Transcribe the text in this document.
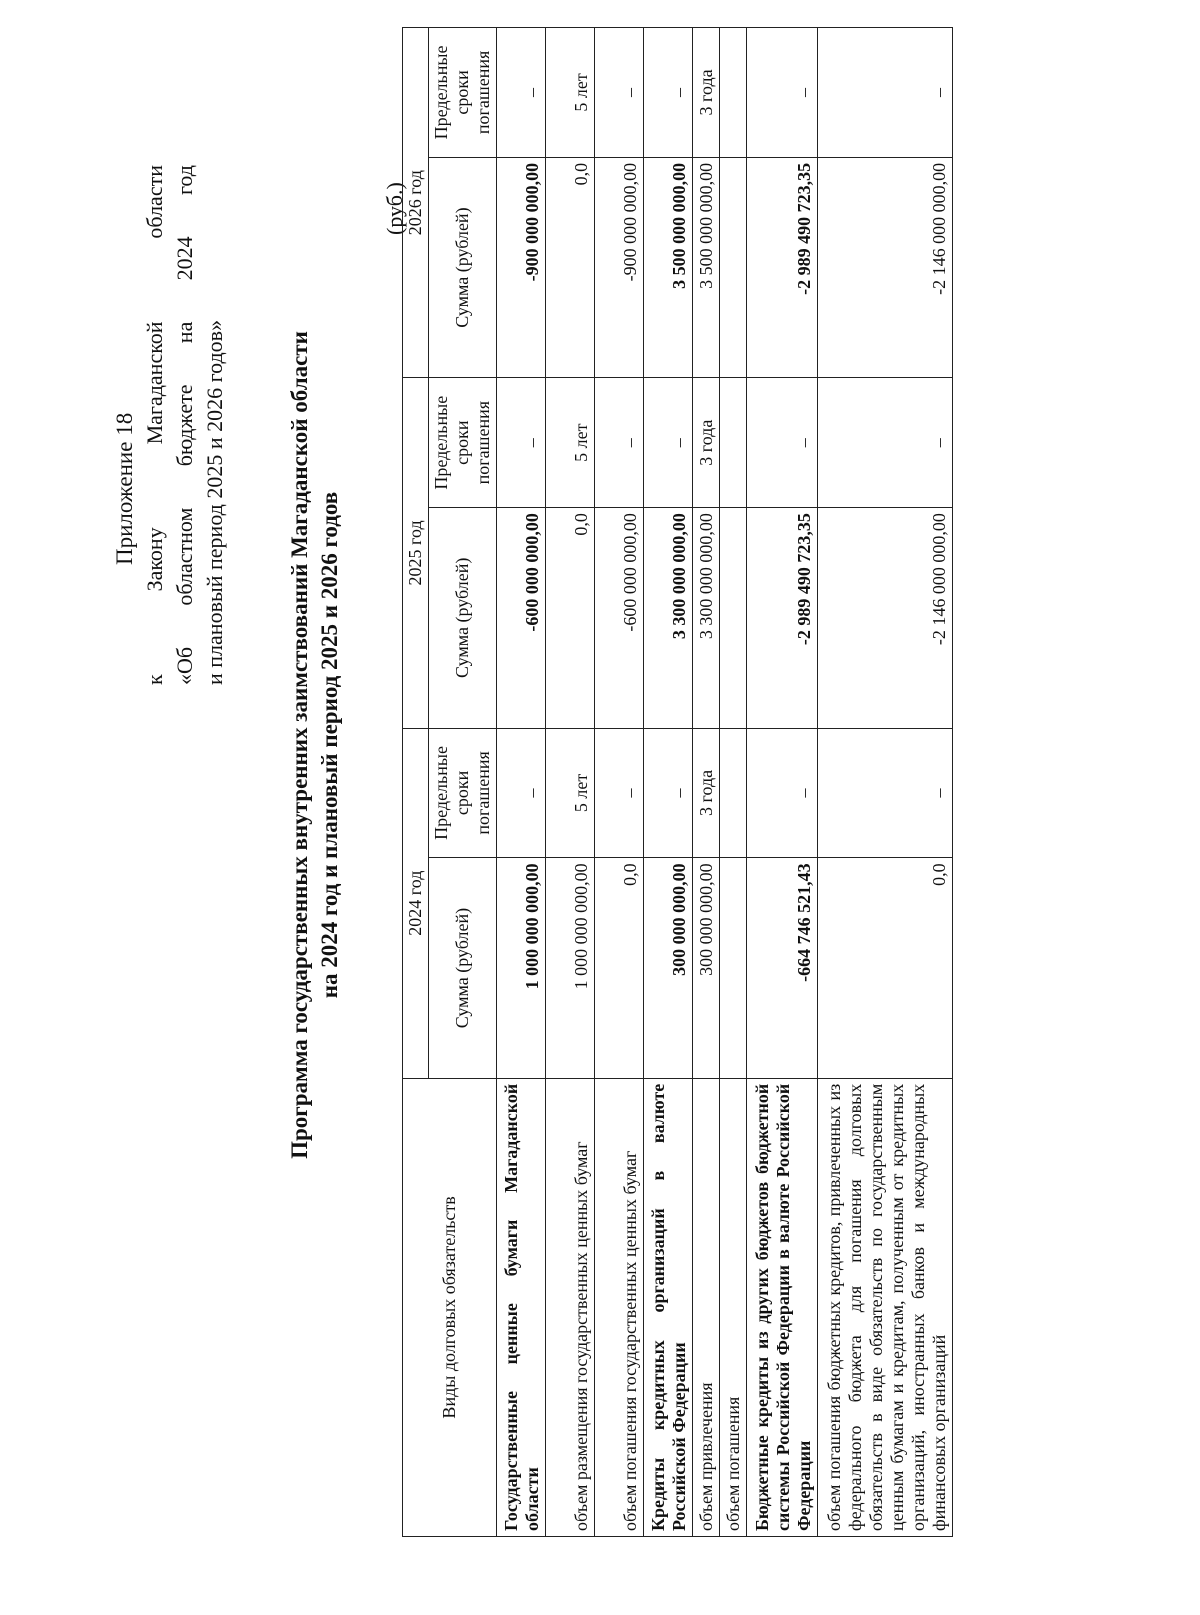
Приложение 18
к
Закону
Магаданской
области «Об областном бюджете на 2024 год и плановый период 2025 и 2026 годов»	Программа государственных внутренних заимствований Магаданской области на 2024 год и плановый период 2025 и 2026 годов
(руб.)
Виды долговых обязательств	2024 год		2025 год		2026 год	
	Сумма (рублей)	Предельные сроки погашения	Сумма (рублей)	Предельные сроки погашения	Сумма (рублей)	Предельные сроки погашения
Государственные ценные бумаги Магаданской области	1 000 000 000,00	–	-600 000 000,00	–	-900 000 000,00	–
объем размещения государственных ценных бумаг	1 000 000 000,00	5 лет	0,0	5 лет	0,0	5 лет
объем погашения государственных ценных бумаг	0,0	–	-600 000 000,00	–	-900 000 000,00	–
Кредиты кредитных организаций в валюте Российской Федерации	300 000 000,00	–	3 300 000 000,00	–	3 500 000 000,00	–
объем привлечения	300 000 000,00	3 года	3 300 000 000,00	3 года	3 500 000 000,00	3 года
объем погашения						
Бюджетные кредиты из других бюджетов бюджетной системы Российской Федерации в валюте Российской Федерации	-664 746 521,43	–	-2 989 490 723,35	–	-2 989 490 723,35	–
объем погашения бюджетных кредитов, привлеченных из федерального бюджета для погашения долговых обязательств в виде обязательств по государственным ценным бумагам и кредитам, полученным от кредитных организаций, иностранных банков и международных финансовых организаций	0,0	–	-2 146 000 000,00	–	-2 146 000 000,00	–
